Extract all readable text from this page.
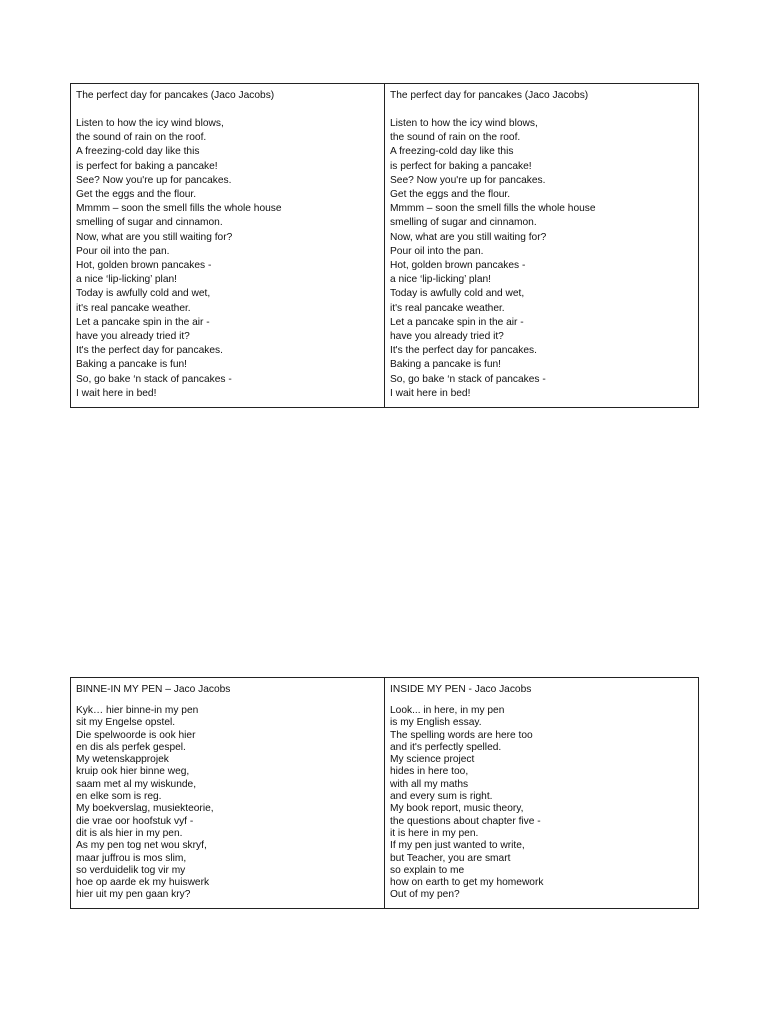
The perfect day for pancakes (Jaco Jacobs)
Listen to how the icy wind blows,
the sound of rain on the roof.
A freezing-cold day like this
is perfect for baking a pancake!
See? Now you're up for pancakes.
Get the eggs and the flour.
Mmmm – soon the smell fills the whole house
smelling of sugar and cinnamon.
Now, what are you still waiting for?
Pour oil into the pan.
Hot, golden brown pancakes -
a nice ‘lip-licking’ plan!
Today is awfully cold and wet,
it's real pancake weather.
Let a pancake spin in the air -
have you already tried it?
It's the perfect day for pancakes.
Baking a pancake is fun!
So, go bake ‘n stack of pancakes -
I wait here in bed!

The perfect day for pancakes (Jaco Jacobs)
Listen to how the icy wind blows,
the sound of rain on the roof.
A freezing-cold day like this
is perfect for baking a pancake!
See? Now you're up for pancakes.
Get the eggs and the flour.
Mmmm – soon the smell fills the whole house
smelling of sugar and cinnamon.
Now, what are you still waiting for?
Pour oil into the pan.
Hot, golden brown pancakes -
a nice ‘lip-licking’ plan!
Today is awfully cold and wet,
it's real pancake weather.
Let a pancake spin in the air -
have you already tried it?
It's the perfect day for pancakes.
Baking a pancake is fun!
So, go bake ‘n stack of pancakes -
I wait here in bed!
BINNE-IN MY PEN – Jaco Jacobs
Kyk… hier binne-in my pen
sit my Engelse opstel.
Die spelwoorde is ook hier
en dis als perfek gespel.
My wetenskapprojek
kruip ook hier binne weg,
saam met al my wiskunde,
en elke som is reg.
My boekverslag, musiekteorie,
die vrae oor hoofstuk vyf -
dit is als hier in my pen.
As my pen tog net wou skryf,
maar juffrou is mos slim,
so verduidelik tog vir my
hoe op aarde ek my huiswerk
hier uit my pen gaan kry?

INSIDE MY PEN - Jaco Jacobs
Look... in here, in my pen
is my English essay.
The spelling words are here too
and it's perfectly spelled.
My science project
hides in here too,
with all my maths
and every sum is right.
My book report, music theory,
the questions about chapter five -
it is here in my pen.
If my pen just wanted to write,
but Teacher, you are smart
so explain to me
how on earth to get my homework
Out of my pen?
